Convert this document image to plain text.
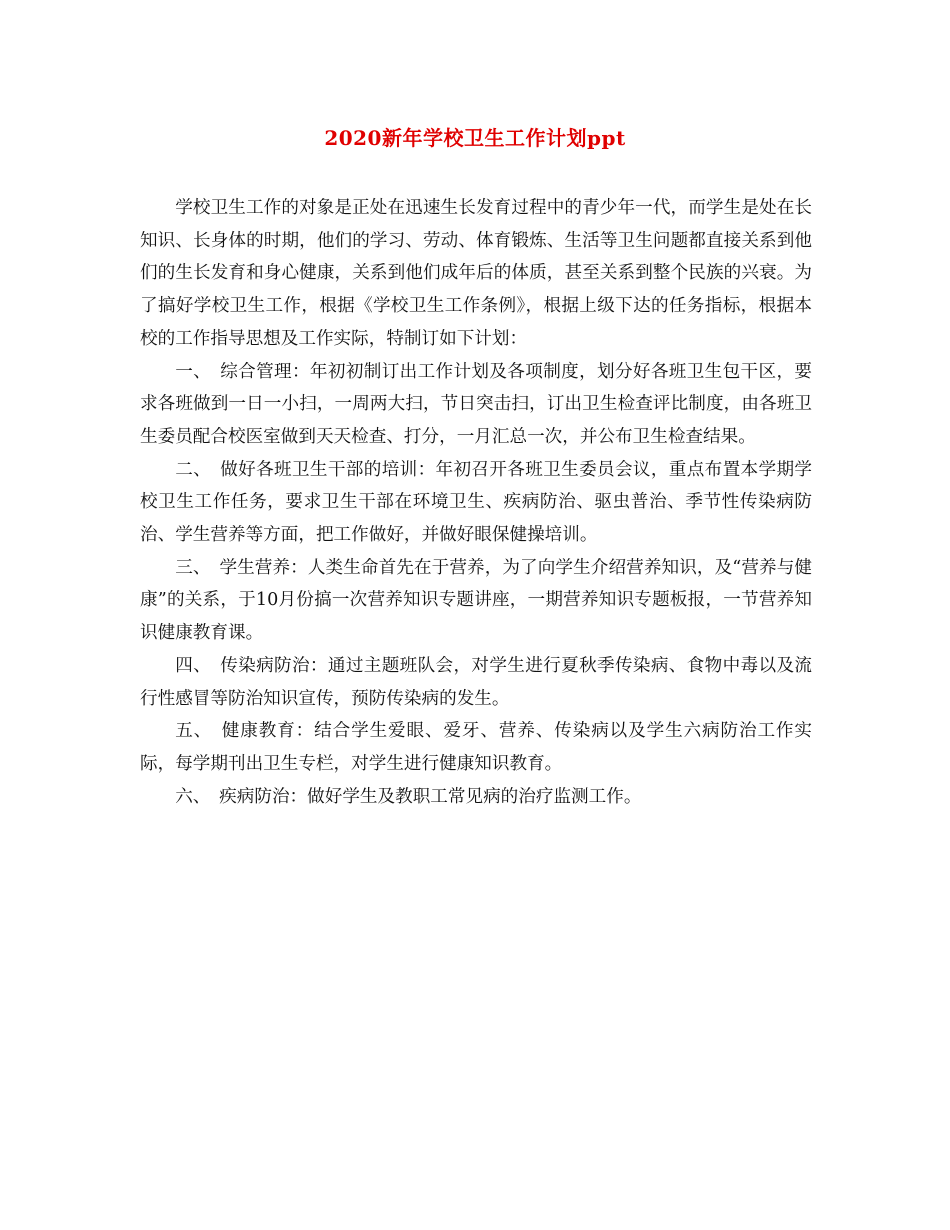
2020新年学校卫生工作计划ppt

学校卫生工作的对象是正处在迅速生长发育过程中的青少年一代，而学生是处在长知识、长身体的时期，他们的学习、劳动、体育锻炼、生活等卫生问题都直接关系到他们的生长发育和身心健康，关系到他们成年后的体质，甚至关系到整个民族的兴衰。为了搞好学校卫生工作，根据《学校卫生工作条例》，根据上级下达的任务指标，根据本校的工作指导思想及工作实际，特制订如下计划：

一、　综合管理：年初初制订出工作计划及各项制度，划分好各班卫生包干区，要求各班做到一日一小扫，一周两大扫，节日突击扫，订出卫生检查评比制度，由各班卫生委员配合校医室做到天天检查、打分，一月汇总一次，并公布卫生检查结果。

二、　做好各班卫生干部的培训：年初召开各班卫生委员会议，重点布置本学期学校卫生工作任务，要求卫生干部在环境卫生、疾病防治、驱虫普治、季节性传染病防治、学生营养等方面，把工作做好，并做好眼保健操培训。

三、　学生营养：人类生命首先在于营养，为了向学生介绍营养知识，及“营养与健康”的关系，于10月份搞一次营养知识专题讲座，一期营养知识专题板报，一节营养知识健康教育课。

四、　传染病防治：通过主题班队会，对学生进行夏秋季传染病、食物中毒以及流行性感冒等防治知识宣传，预防传染病的发生。

五、　健康教育：结合学生爱眼、爱牙、营养、传染病以及学生六病防治工作实际，每学期刊出卫生专栏，对学生进行健康知识教育。

六、　疾病防治：做好学生及教职工常见病的治疗监测工作。
